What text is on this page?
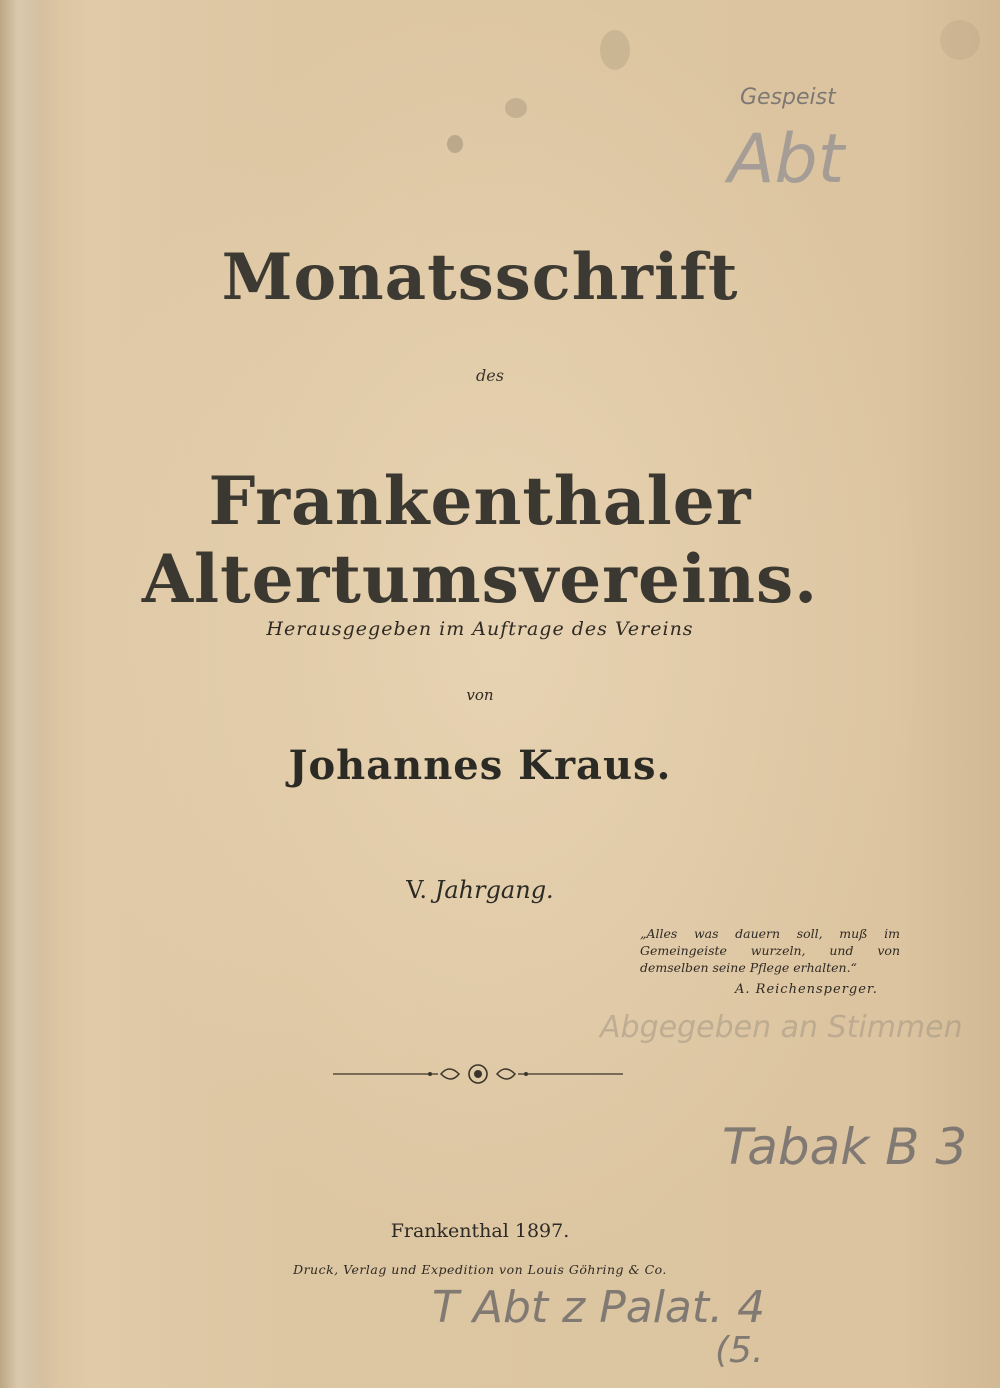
Monatsschrift
des
Frankenthaler Altertumsvereins.
Herausgegeben im Auftrage des Vereins
von
Johannes Kraus.
V. Jahrgang.
„Alles was dauern soll, muß im Gemeingeiste wurzeln, und von demselben seine Pflege erhalten.“
A. Reichensperger.
Frankenthal 1897.
Druck, Verlag und Expedition von Louis Göhring & Co.
Gespeist
Abt
Abgegeben an Stimmen
Tabak B 3
T Abt z Palat. 4
(5.
